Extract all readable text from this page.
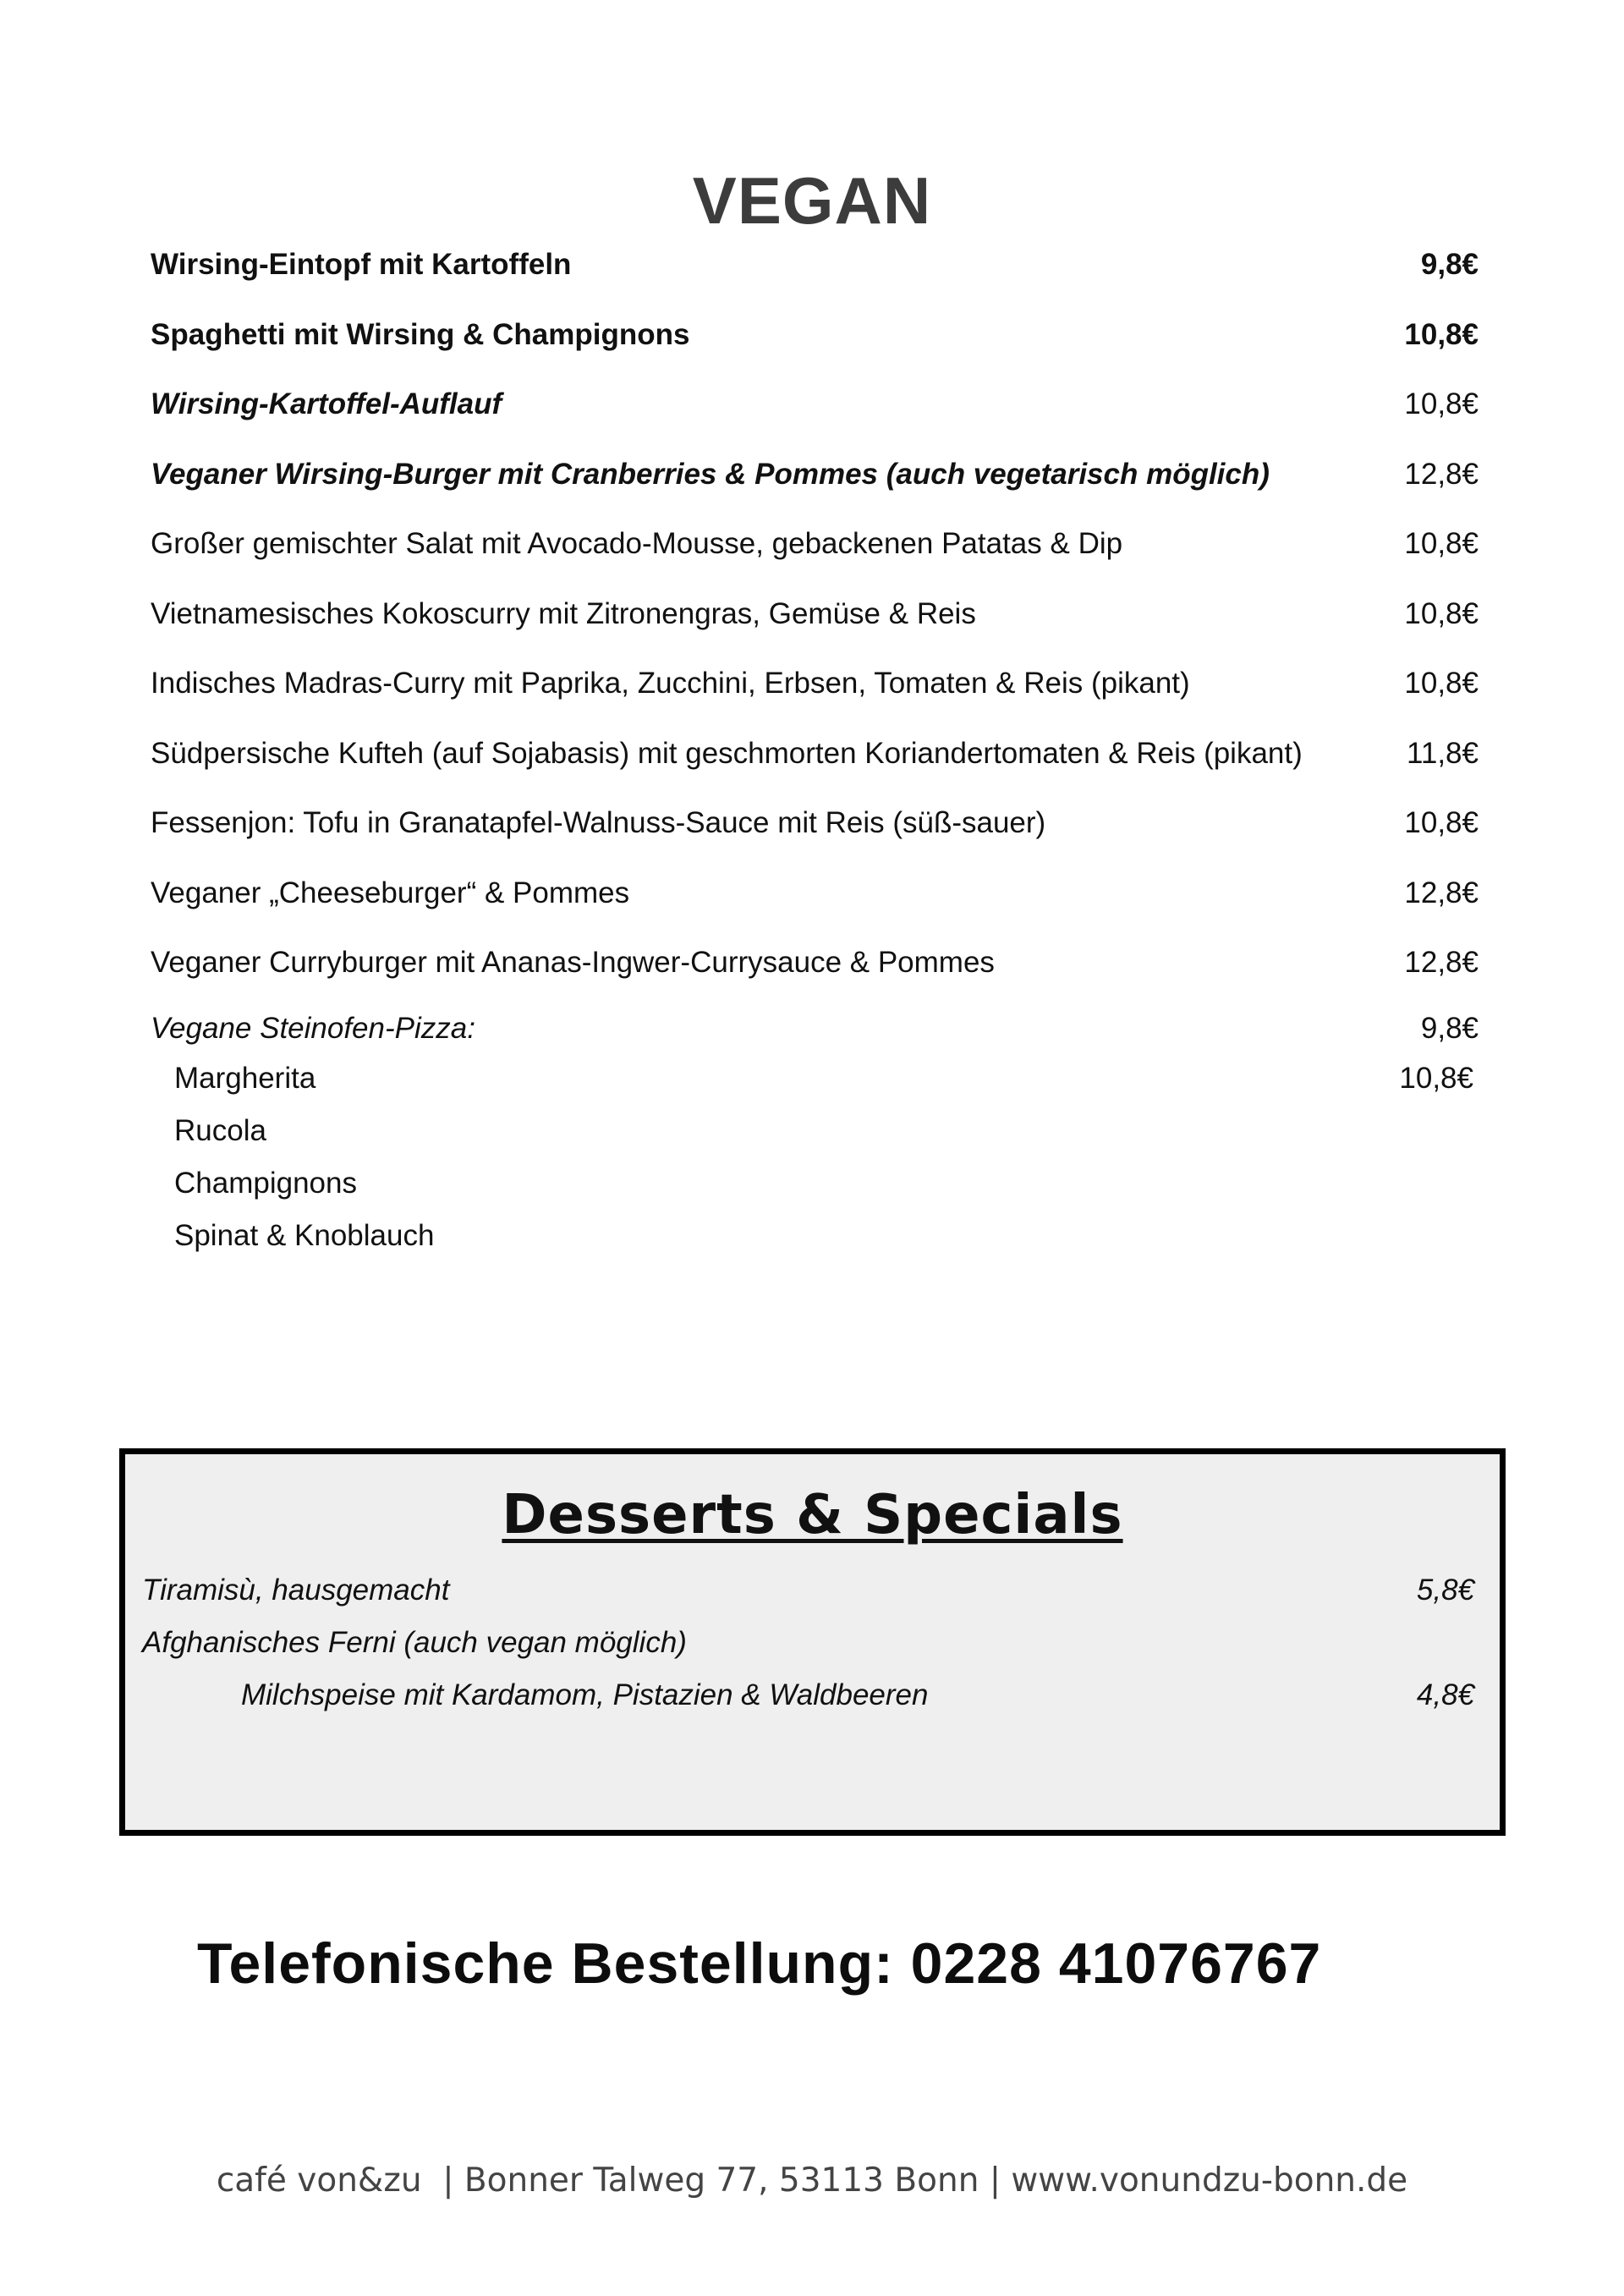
VEGAN
Wirsing-Eintopf mit Kartoffeln	9,8€
Spaghetti mit Wirsing & Champignons	10,8€
Wirsing-Kartoffel-Auflauf	10,8€
Veganer Wirsing-Burger mit Cranberries & Pommes (auch vegetarisch möglich)	12,8€
Großer gemischter Salat mit Avocado-Mousse, gebackenen Patatas & Dip	10,8€
Vietnamesisches Kokoscurry mit Zitronengras, Gemüse & Reis	10,8€
Indisches Madras-Curry mit Paprika, Zucchini, Erbsen, Tomaten & Reis (pikant)	10,8€
Südpersische Kufteh (auf Sojabasis) mit geschmorten Koriandertomaten & Reis (pikant)	11,8€
Fessenjon: Tofu in Granatapfel-Walnuss-Sauce mit Reis (süß-sauer)	10,8€
Veganer „Cheeseburger“ & Pommes	12,8€
Veganer Curryburger mit Ananas-Ingwer-Currysauce & Pommes	12,8€
Vegane Steinofen-Pizza:	9,8€
Margherita	10,8€
Rucola
Champignons
Spinat & Knoblauch
Desserts & Specials
Tiramisù, hausgemacht	5,8€
Afghanisches Ferni (auch vegan möglich)
Milchspeise mit Kardamom, Pistazien & Waldbeeren	4,8€
Telefonische Bestellung: 0228 41076767
café von&zu  | Bonner Talweg 77, 53113 Bonn | www.vonundzu-bonn.de
